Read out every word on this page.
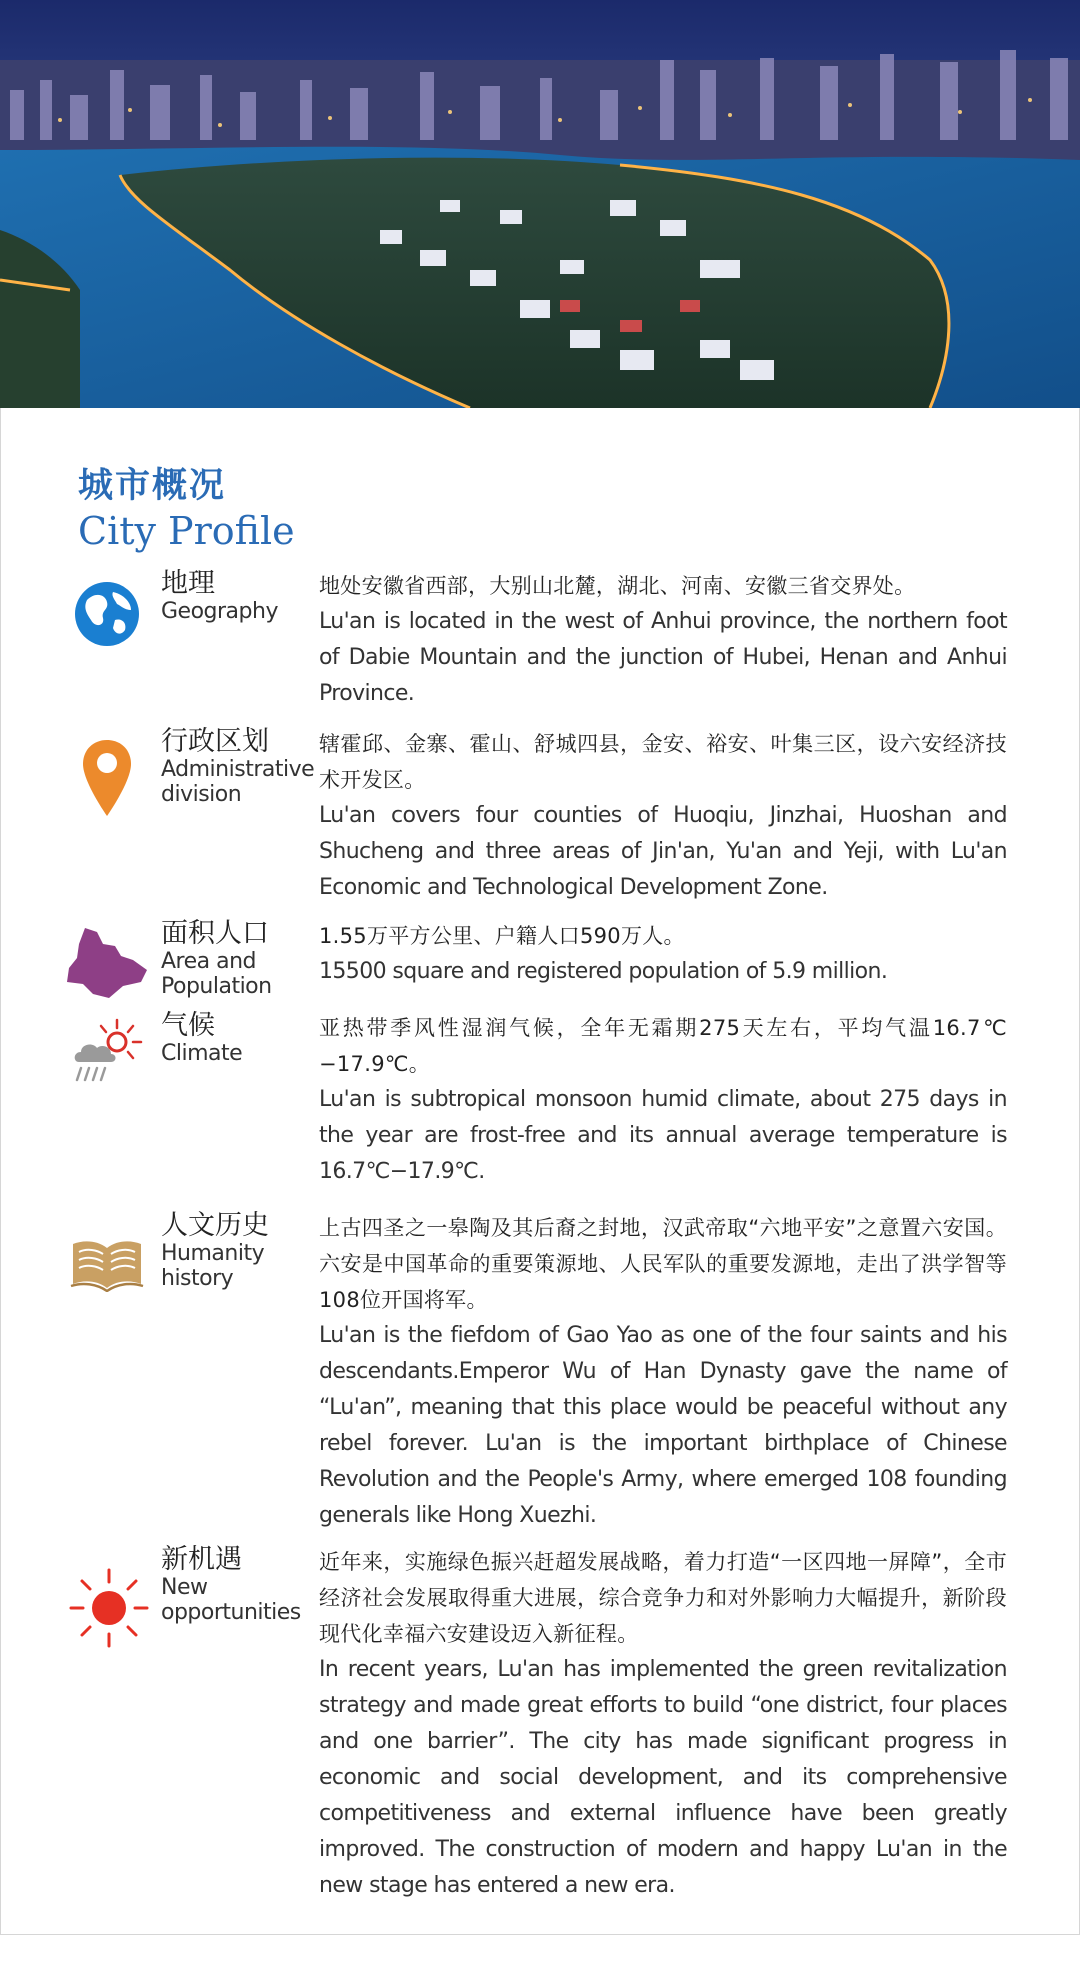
城市概况
City Profile
地理
Geography

地处安徽省西部，大别山北麓，湖北、河南、安徽三省交界处。

Lu'an is located in the west of Anhui province, the northern foot of Dabie Mountain and the junction of Hubei, Henan and Anhui Province.

行政区划
Administrative division

辖霍邱、金寨、霍山、舒城四县，金安、裕安、叶集三区，设六安经济技术开发区。

Lu'an covers four counties of Huoqiu, Jinzhai, Huoshan and Shucheng and three areas of Jin'an, Yu'an and Yeji, with Lu'an Economic and Technological Development Zone.

面积人口
Area and Population

1.55万平方公里、户籍人口590万人。

15500 square and registered population of 5.9 million.

气候
Climate

亚热带季风性湿润气候，全年无霜期275天左右，平均气温16.7℃−17.9℃。

Lu'an is subtropical monsoon humid climate, about 275 days in the year are frost-free and its annual average temperature is 16.7℃−17.9℃.

人文历史
Humanity history

上古四圣之一皋陶及其后裔之封地，汉武帝取“六地平安”之意置六安国。六安是中国革命的重要策源地、人民军队的重要发源地，走出了洪学智等108位开国将军。

Lu'an is the fiefdom of Gao Yao as one of the four saints and his descendants.Emperor Wu of Han Dynasty gave the name of “Lu'an”, meaning that this place would be peaceful without any rebel forever. Lu'an is the important birthplace of Chinese Revolution and the People's Army, where emerged 108 founding generals like Hong Xuezhi.

新机遇
New opportunities

近年来，实施绿色振兴赶超发展战略，着力打造“一区四地一屏障”，全市经济社会发展取得重大进展，综合竞争力和对外影响力大幅提升，新阶段现代化幸福六安建设迈入新征程。

In recent years, Lu'an has implemented the green revitalization strategy and made great efforts to build “one district, four places and one barrier”. The city has made significant progress in economic and social development, and its comprehensive competitiveness and external influence have been greatly improved. The construction of modern and happy Lu'an in the new stage has entered a new era.
